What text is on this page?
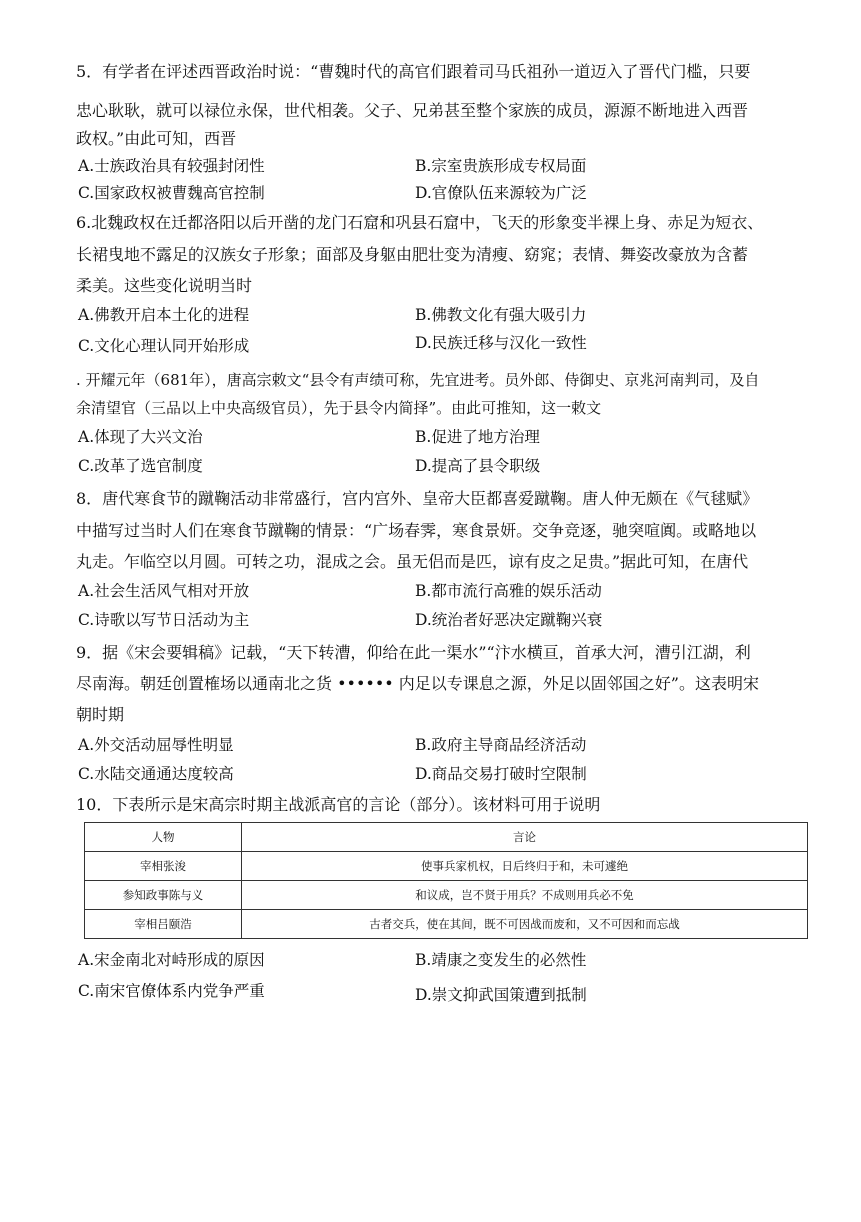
5．有学者在评述西晋政治时说：“曹魏时代的高官们跟着司马氏祖孙一道迈入了晋代门槛，只要
忠心耿耿，就可以禄位永保，世代相袭。父子、兄弟甚至整个家族的成员，源源不断地进入西晋
政权。”由此可知，西晋
A.士族政治具有较强封闭性	B.宗室贵族形成专权局面
C.国家政权被曹魏高官控制	D.官僚队伍来源较为广泛
6.北魏政权在迁都洛阳以后开凿的龙门石窟和巩县石窟中，飞天的形象变半裸上身、赤足为短衣、
长裙曳地不露足的汉族女子形象；面部及身躯由肥壮变为清瘦、窈窕；表情、舞姿改豪放为含蓄
柔美。这些变化说明当时
A.佛教开启本土化的进程	B.佛教文化有强大吸引力
C.文化心理认同开始形成	D.民族迁移与汉化一致性
. 开耀元年（681年），唐高宗敕文“县令有声绩可称，先宜进考。员外郎、侍御史、京兆河南判司，及自
余清望官（三品以上中央高级官员），先于县令内简择”。由此可推知，这一敕文
A.体现了大兴文治	B.促进了地方治理
C.改革了选官制度	D.提高了县令职级
8．唐代寒食节的蹴鞠活动非常盛行，宫内宫外、皇帝大臣都喜爱蹴鞠。唐人仲无颇在《气毬赋》
中描写过当时人们在寒食节蹴鞠的情景：“广场春霁，寒食景妍。交争竞逐，驰突喧阗。或略地以
丸走。乍临空以月圆。可转之功，混成之会。虽无侣而是匹，谅有皮之足贵。”据此可知，在唐代
A.社会生活风气相对开放	B.都市流行高雅的娱乐活动
C.诗歌以写节日活动为主	D.统治者好恶决定蹴鞠兴衰
9．据《宋会要辑稿》记载，“天下转漕，仰给在此一渠水”“汴水横亘，首承大河，漕引江湖，利
尽南海。朝廷创置榷场以通南北之货 •••••• 内足以专课息之源，外足以固邻国之好”。这表明宋
朝时期
A.外交活动屈辱性明显	B.政府主导商品经济活动
C.水陆交通通达度较高	D.商品交易打破时空限制
10．下表所示是宋高宗时期主战派高官的言论（部分）。该材料可用于说明
人物	言论
宰相张浚	使事兵家机权，日后终归于和，未可遽绝
参知政事陈与义	和议成，岂不贤于用兵？不成则用兵必不免
宰相吕颐浩	古者交兵，使在其间，既不可因战而废和，又不可因和而忘战
A.宋金南北对峙形成的原因	B.靖康之变发生的必然性
C.南宋官僚体系内党争严重	D.崇文抑武国策遭到抵制
